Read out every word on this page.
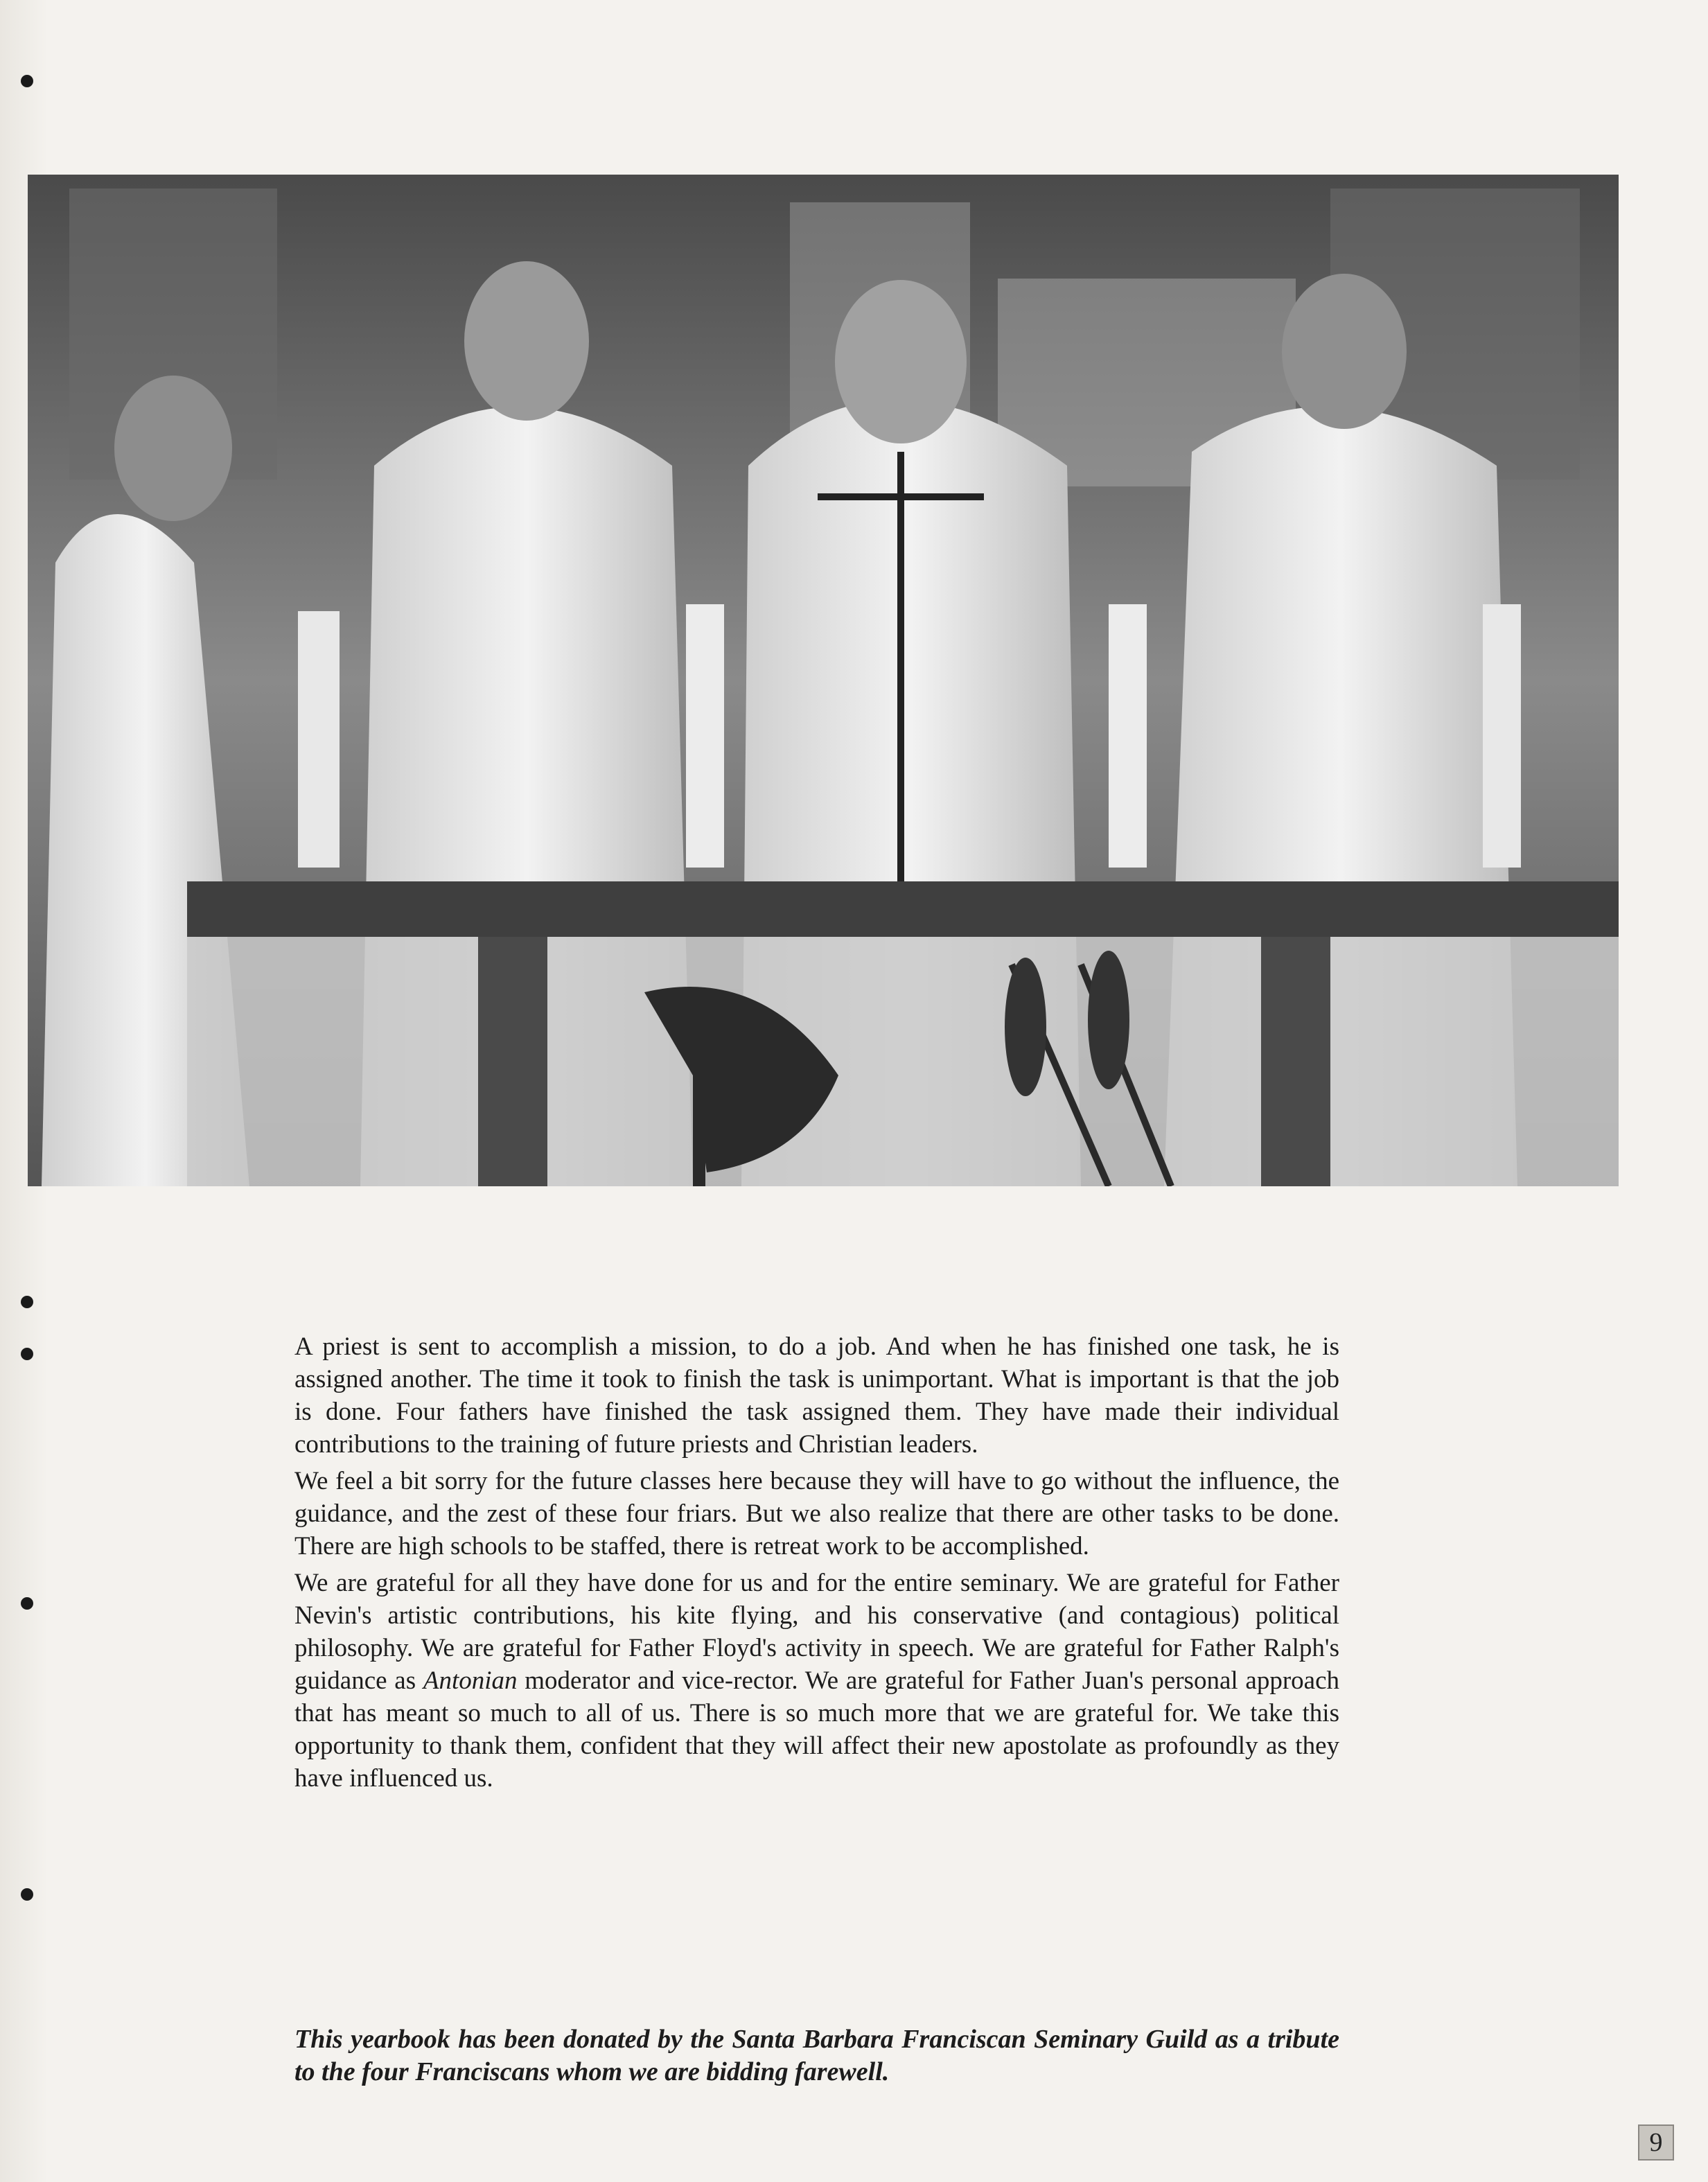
A priest is sent to accomplish a mission, to do a job. And when he has finished one task, he is assigned another. The time it took to finish the task is unimportant. What is important is that the job is done. Four fathers have finished the task assigned them. They have made their individual contributions to the training of future priests and Christian leaders.

We feel a bit sorry for the future classes here because they will have to go without the influence, the guidance, and the zest of these four friars. But we also realize that there are other tasks to be done. There are high schools to be staffed, there is retreat work to be accomplished.

We are grateful for all they have done for us and for the entire seminary. We are grateful for Father Nevin's artistic contributions, his kite flying, and his conservative (and contagious) political philosophy. We are grateful for Father Floyd's activity in speech. We are grateful for Father Ralph's guidance as Antonian moderator and vice-rector. We are grateful for Father Juan's personal approach that has meant so much to all of us. There is so much more that we are grateful for. We take this opportunity to thank them, confident that they will affect their new apostolate as profoundly as they have influenced us.

This yearbook has been donated by the Santa Barbara Franciscan Seminary Guild as a tribute to the four Franciscans whom we are bidding farewell.
9
